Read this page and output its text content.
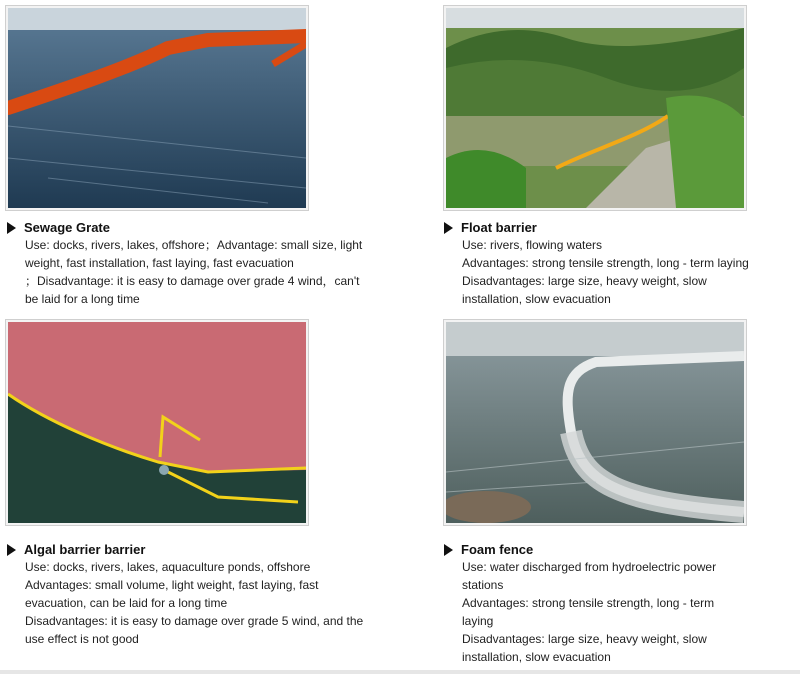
Sewage Grate

Use: docks, rivers, lakes, offshore；Advantage: small size, light

weight, fast installation, fast laying, fast evacuation

；Disadvantage: it is easy to damage over grade 4 wind，can't

be laid for a long time

Float barrier

Use: rivers, flowing waters

Advantages: strong tensile strength, long - term laying

Disadvantages: large size, heavy weight, slow

installation, slow evacuation

Algal barrier barrier

Use: docks, rivers, lakes, aquaculture ponds, offshore

Advantages: small volume, light weight, fast laying, fast

evacuation, can be laid for a long time

Disadvantages: it is easy to damage over grade 5 wind, and the

use effect is not good

Foam fence

Use: water discharged from hydroelectric power

stations

Advantages: strong tensile strength, long - term

laying

Disadvantages: large size, heavy weight, slow

installation, slow evacuation
